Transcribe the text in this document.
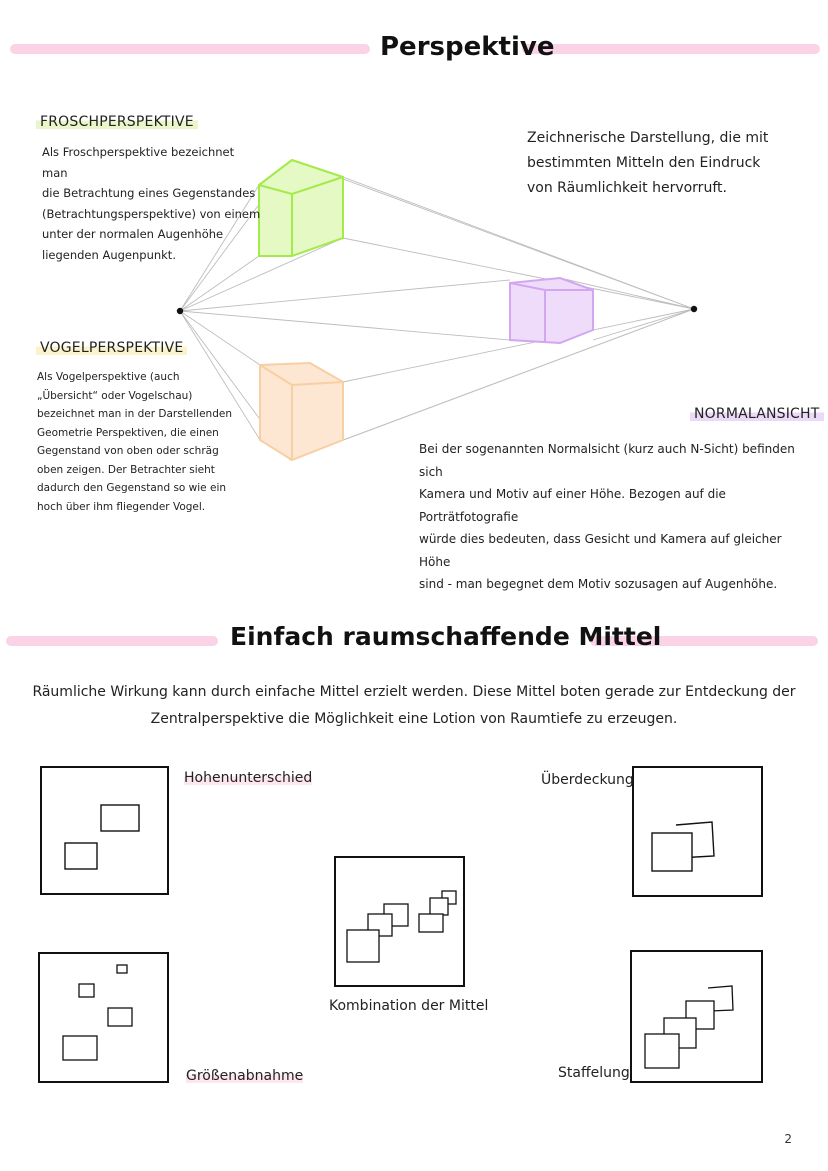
Perspektive
FROSCHPERSPEKTIVE
Als Froschperspektive bezeichnet man
die Betrachtung eines Gegenstandes
(Betrachtungsperspektive) von einem
unter der normalen Augenhöhe
liegenden Augenpunkt.
Zeichnerische Darstellung, die mit
bestimmten Mitteln den Eindruck
von Räumlichkeit hervorruft.
VOGELPERSPEKTIVE
Als Vogelperspektive (auch
„Übersicht“ oder Vogelschau)
bezeichnet man in der Darstellenden
Geometrie Perspektiven, die einen
Gegenstand von oben oder schräg
oben zeigen. Der Betrachter sieht
dadurch den Gegenstand so wie ein
hoch über ihm fliegender Vogel.
NORMALANSICHT
Bei der sogenannten Normalsicht (kurz auch N-Sicht) befinden sich
Kamera und Motiv auf einer Höhe. Bezogen auf die Porträtfotografie
würde dies bedeuten, dass Gesicht und Kamera auf gleicher Höhe
sind - man begegnet dem Motiv sozusagen auf Augenhöhe.
Einfach raumschaffende Mittel
Räumliche Wirkung kann durch einfache Mittel erzielt werden. Diese Mittel boten gerade zur Entdeckung der
Zentralperspektive die Möglichkeit eine Lotion von Raumtiefe zu erzeugen.
Hohenunterschied	Überdeckung
Kombination der Mittel
Größenabnahme	Staffelung
2
